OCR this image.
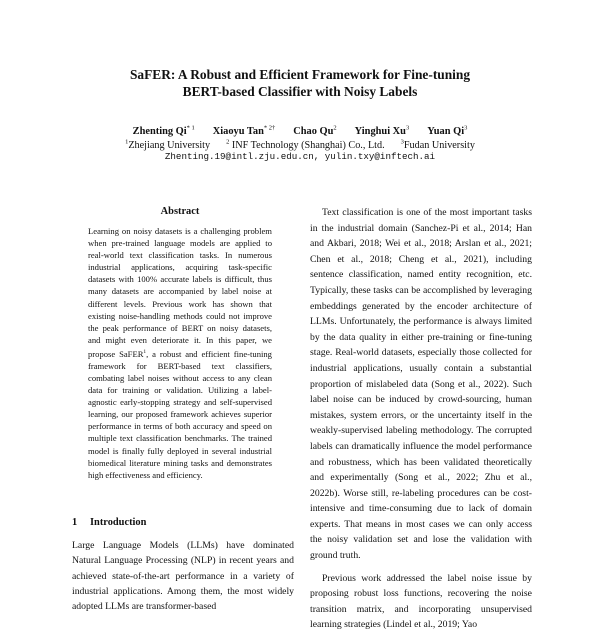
SaFER: A Robust and Efficient Framework for Fine-tuning
BERT-based Classifier with Noisy Labels
Zhenting Qi$^{* 1}$ Xiaoyu Tan$^{* 2\dagger}$ Chao Qu$^2$ Yinghui Xu$^3$ Yuan Qi$^3$
$^1$Zhejiang University $^2$ INF Technology (Shanghai) Co., Ltd. $^3$Fudan University
Zhenting.19@intl.zju.edu.cn, yulin.txy@inftech.ai
Abstract
Learning on noisy datasets is a challenging problem when pre-trained language models are applied to real-world text classification tasks. In numerous industrial applications, acquiring task-specific datasets with 100% accurate labels is difficult, thus many datasets are accompanied by label noise at different levels. Previous work has shown that existing noise-handling methods could not improve the peak performance of BERT on noisy datasets, and might even deteriorate it. In this paper, we propose SaFER$^1$, a robust and efficient fine-tuning framework for BERT-based text classifiers, combating label noises without access to any clean data for training or validation. Utilizing a label-agnostic early-stopping strategy and self-supervised learning, our proposed framework achieves superior performance in terms of both accuracy and speed on multiple text classification benchmarks. The trained model is finally fully deployed in several industrial biomedical literature mining tasks and demonstrates high effectiveness and efficiency.
1 Introduction
Large Language Models (LLMs) have dominated Natural Language Processing (NLP) in recent years and achieved state-of-the-art performance in a variety of industrial applications. Among them, the most widely adopted LLMs are transformer-based

Text classification is one of the most important tasks in the industrial domain (Sanchez-Pi et al., 2014; Han and Akbari, 2018; Wei et al., 2018; Arslan et al., 2021; Chen et al., 2018; Cheng et al., 2021), including sentence classification, named entity recognition, etc. Typically, these tasks can be accomplished by leveraging embeddings generated by the encoder architecture of LLMs. Unfortunately, the performance is always limited by the data quality in either pre-training or fine-tuning stage. Real-world datasets, especially those collected for industrial applications, usually contain a substantial proportion of mislabeled data (Song et al., 2022). Such label noise can be induced by crowd-sourcing, human mistakes, system errors, or the uncertainty itself in the weakly-supervised labeling methodology. The corrupted labels can dramatically influence the model performance and robustness, which has been validated theoretically and experimentally (Song et al., 2022; Zhu et al., 2022b). Worse still, re-labeling procedures can be cost-intensive and time-consuming due to lack of domain experts. That means in most cases we can only access the noisy validation set and lose the validation with ground truth.

Previous work addressed the label noise issue by proposing robust loss functions, recovering the noise transition matrix, and incorporating unsupervised learning strategies (Lindel et al., 2019; Yao
